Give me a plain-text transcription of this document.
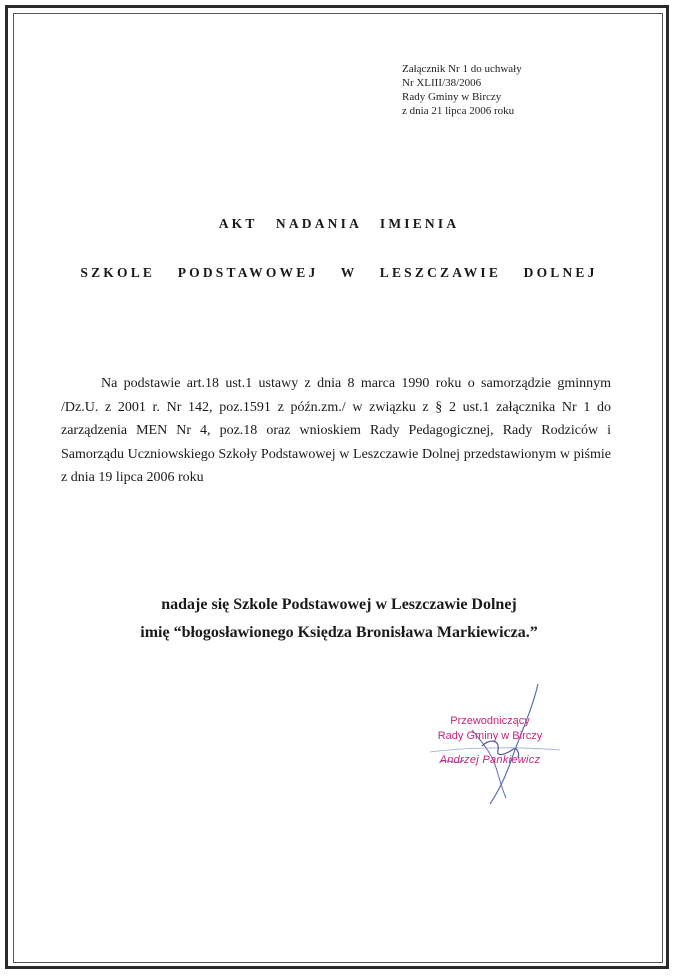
Załącznik Nr 1 do uchwały
Nr XLIII/38/2006
Rady Gminy w Birczy
z dnia 21 lipca 2006 roku
AKT NADANIA IMIENIA
SZKOLE PODSTAWOWEJ W LESZCZAWIE DOLNEJ
Na podstawie art.18 ust.1 ustawy z dnia 8 marca 1990 roku o samorządzie gminnym /Dz.U. z 2001 r. Nr 142, poz.1591 z późn.zm./ w związku z § 2 ust.1 załącznika Nr 1 do zarządzenia MEN Nr 4, poz.18 oraz wnioskiem Rady Pedagogicznej, Rady Rodziców i Samorządu Uczniowskiego Szkoły Podstawowej w Leszczawie Dolnej przedstawionym w piśmie z dnia 19 lipca 2006 roku
nadaje się Szkole Podstawowej w Leszczawie Dolnej
imię “błogosławionego Księdza Bronisława Markiewicza.”
Przewodniczący
Rady Gminy w Birczy
Andrzej Pankiewicz
